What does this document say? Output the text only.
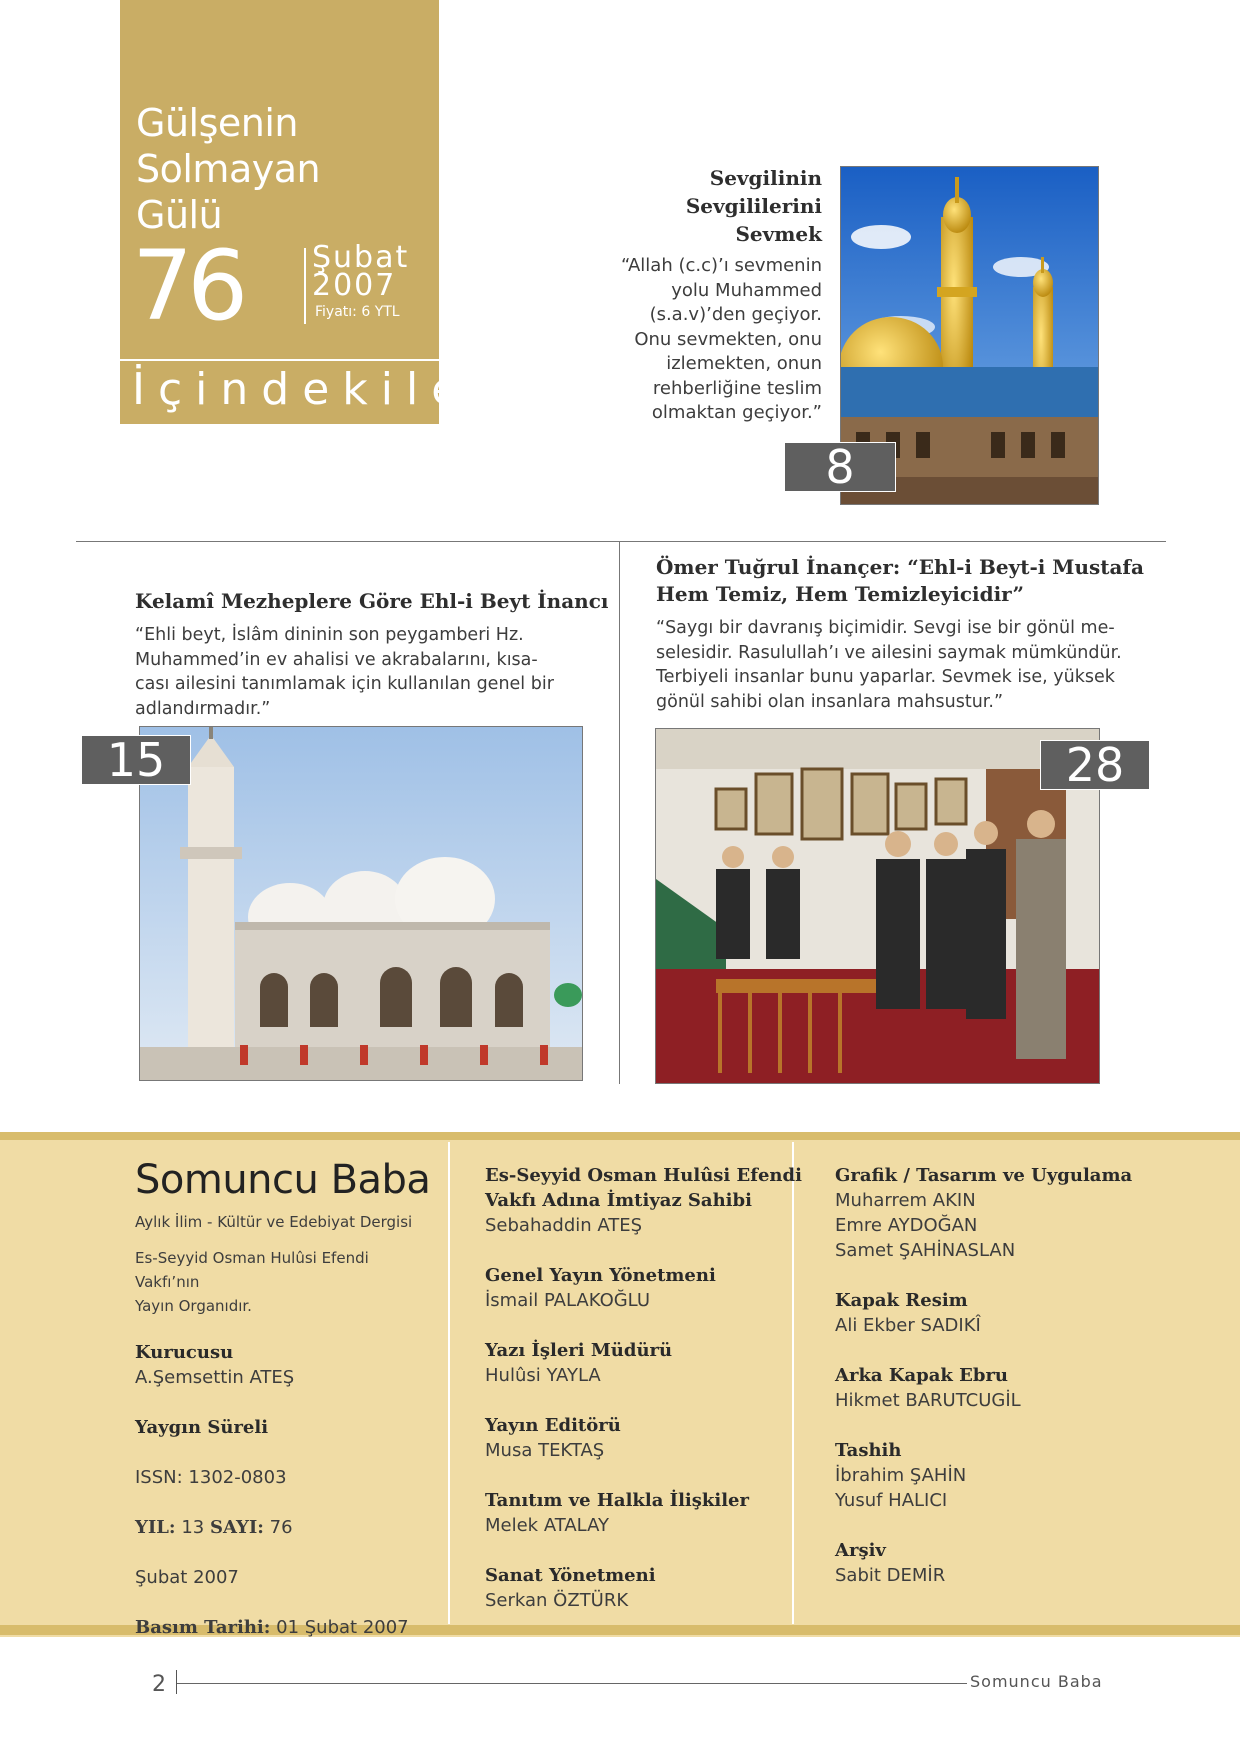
Gülşenin
Solmayan
Gülü
76 Şubat
2007
Fiyatı: 6 YTL
İçindekiler
Sevgilinin
Sevgililerini
Sevmek
“Allah (c.c)’ı sevmenin
yolu Muhammed
(s.a.v)’den geçiyor.
Onu sevmekten, onu
izlemekten, onun
rehberliğine teslim
olmaktan geçiyor.”
8
Kelamî Mezheplere Göre Ehl-i Beyt İnancı
“Ehli beyt, İslâm dininin son peygamberi Hz.
Muhammed’in ev ahalisi ve akrabalarını, kısa-
cası ailesini tanımlamak için kullanılan genel bir
adlandırmadır.”
15
Ömer Tuğrul İnançer: “Ehl-i Beyt-i Mustafa
Hem Temiz, Hem Temizleyicidir”
“Saygı bir davranış biçimidir. Sevgi ise bir gönül me-
selesidir. Rasulullah’ı ve ailesini saymak mümkündür.
Terbiyeli insanlar bunu yaparlar. Sevmek ise, yüksek
gönül sahibi olan insanlara mahsustur.”
28
Somuncu Baba
Aylık İlim - Kültür ve Edebiyat Dergisi
Es-Seyyid Osman Hulûsi Efendi Vakfı’nın
Yayın Organıdır.
Kurucusu
A.Şemsettin ATEŞ
Yaygın Süreli
ISSN: 1302-0803
YIL: 13 SAYI: 76
Şubat 2007
Basım Tarihi: 01 Şubat 2007
Es-Seyyid Osman Hulûsi Efendi
Vakfı Adına İmtiyaz Sahibi
Sebahaddin ATEŞ
Genel Yayın Yönetmeni
İsmail PALAKOĞLU
Yazı İşleri Müdürü
Hulûsi YAYLA
Yayın Editörü
Musa TEKTAŞ
Tanıtım ve Halkla İlişkiler
Melek ATALAY
Sanat Yönetmeni
Serkan ÖZTÜRK
Grafik / Tasarım ve Uygulama
Muharrem AKIN
Emre AYDOĞAN
Samet ŞAHİNASLAN
Kapak Resim
Ali Ekber SADIKÎ
Arka Kapak Ebru
Hikmet BARUTCUGİL
Tashih
İbrahim ŞAHİN
Yusuf HALICI
Arşiv
Sabit DEMİR
2	Somuncu Baba
